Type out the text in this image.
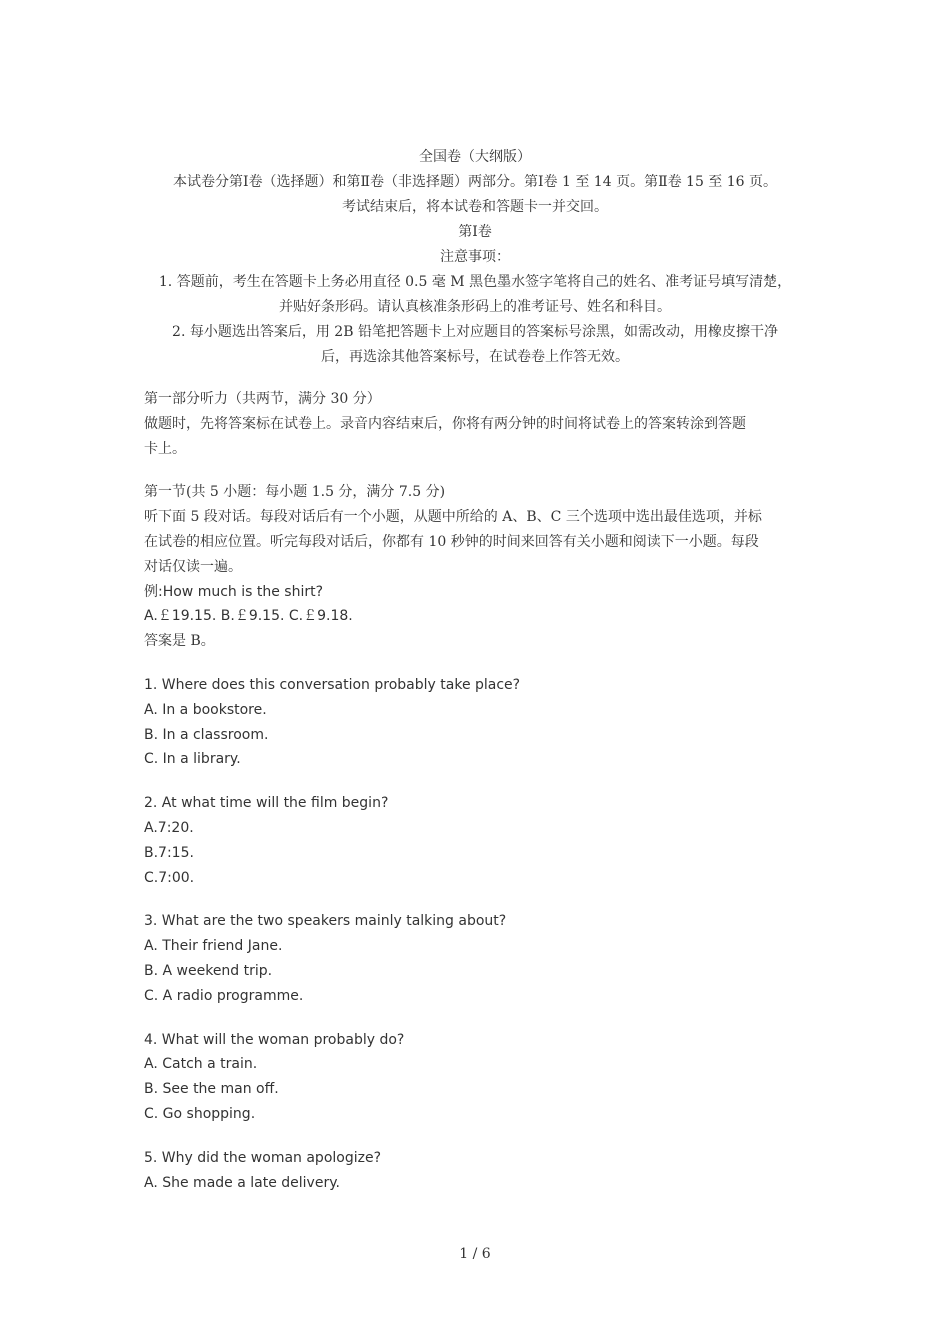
全国卷（大纲版）
本试卷分第Ⅰ卷（选择题）和第Ⅱ卷（非选择题）两部分。第Ⅰ卷 1 至 14 页。第Ⅱ卷 15 至 16 页。
考试结束后，将本试卷和答题卡一并交回。
第Ⅰ卷
注意事项：
1. 答题前，考生在答题卡上务必用直径 0.5 毫 M 黑色墨水签字笔将自己的姓名、准考证号填写清楚，
并贴好条形码。请认真核准条形码上的准考证号、姓名和科目。
2. 每小题选出答案后，用 2B 铅笔把答题卡上对应题目的答案标号涂黑，如需改动，用橡皮擦干净
后，再选涂其他答案标号，在试卷卷上作答无效。
第一部分听力（共两节，满分 30 分）
做题时，先将答案标在试卷上。录音内容结束后，你将有两分钟的时间将试卷上的答案转涂到答题
卡上。
第一节(共 5 小题：每小题 1.5 分，满分 7.5 分)
听下面 5 段对话。每段对话后有一个小题，从题中所给的 A、B、C 三个选项中选出最佳选项，并标
在试卷的相应位置。听完每段对话后，你都有 10 秒钟的时间来回答有关小题和阅读下一小题。每段
对话仅读一遍。
例:How much is the shirt?
A.￡19.15. B.￡9.15. C.￡9.18.
答案是 B。
1. Where does this conversation probably take place?
A. In a bookstore.
B. In a classroom.
C. In a library.
2. At what time will the film begin?
A.7:20.
B.7:15.
C.7:00.
3. What are the two speakers mainly talking about?
A. Their friend Jane.
B. A weekend trip.
C. A radio programme.
4. What will the woman probably do?
A. Catch a train.
B. See the man off.
C. Go shopping.
5. Why did the woman apologize?
A. She made a late delivery.
1 / 6
